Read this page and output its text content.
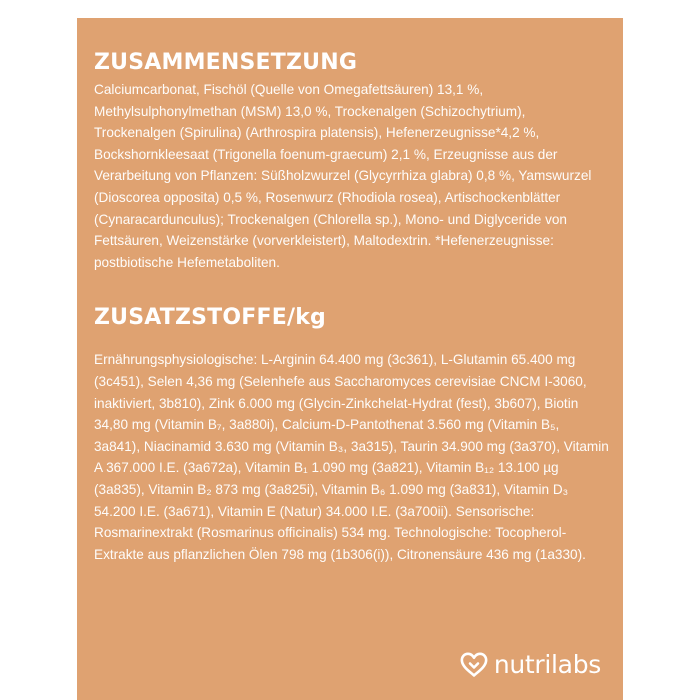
ZUSAMMENSETZUNG

Calciumcarbonat, Fischöl (Quelle von Omegafettsäuren) 13,1 %, Methylsulphonylmethan (MSM) 13,0 %, Trockenalgen (Schizochytrium), Trockenalgen (Spirulina) (Arthrospira platensis), Hefenerzeugnisse*4,2 %, Bockshornkleesaat (Trigonella foenum-graecum) 2,1 %, Erzeugnisse aus der Verarbeitung von Pflanzen: Süßholzwurzel (Glycyrrhiza glabra) 0,8 %, Yamswurzel (Dioscorea opposita) 0,5 %, Rosenwurz (Rhodiola rosea), Artischockenblätter (Cynaracardunculus); Trockenalgen (Chlorella sp.), Mono- und Diglyceride von Fettsäuren, Weizenstärke (vorverkleistert), Maltodextrin. *Hefenerzeugnisse: postbiotische Hefemetaboliten.

ZUSATZSTOFFE/kg

Ernährungsphysiologische: L-Arginin 64.400 mg (3c361), L-Glutamin 65.400 mg (3c451), Selen 4,36 mg (Selenhefe aus Saccharomyces cerevisiae CNCM I-3060, inaktiviert, 3b810), Zink 6.000 mg (Glycin-Zinkchelat-Hydrat (fest), 3b607), Biotin 34,80 mg (Vitamin B₇, 3a880i), Calcium-D-Pantothenat 3.560 mg (Vitamin B₅, 3a841), Niacinamid 3.630 mg (Vitamin B₃, 3a315), Taurin 34.900 mg (3a370), Vitamin A 367.000 I.E. (3a672a), Vitamin B₁ 1.090 mg (3a821), Vitamin B₁₂ 13.100 µg (3a835), Vitamin B₂ 873 mg (3a825i), Vitamin B₆ 1.090 mg (3a831), Vitamin D₃ 54.200 I.E. (3a671), Vitamin E (Natur) 34.000 I.E. (3a700ii). Sensorische: Rosmarinextrakt (Rosmarinus officinalis) 534 mg. Technologische: Tocopherol-Extrakte aus pflanzlichen Ölen 798 mg (1b306(i)), Citronensäure 436 mg (1a330).

nutrilabs
